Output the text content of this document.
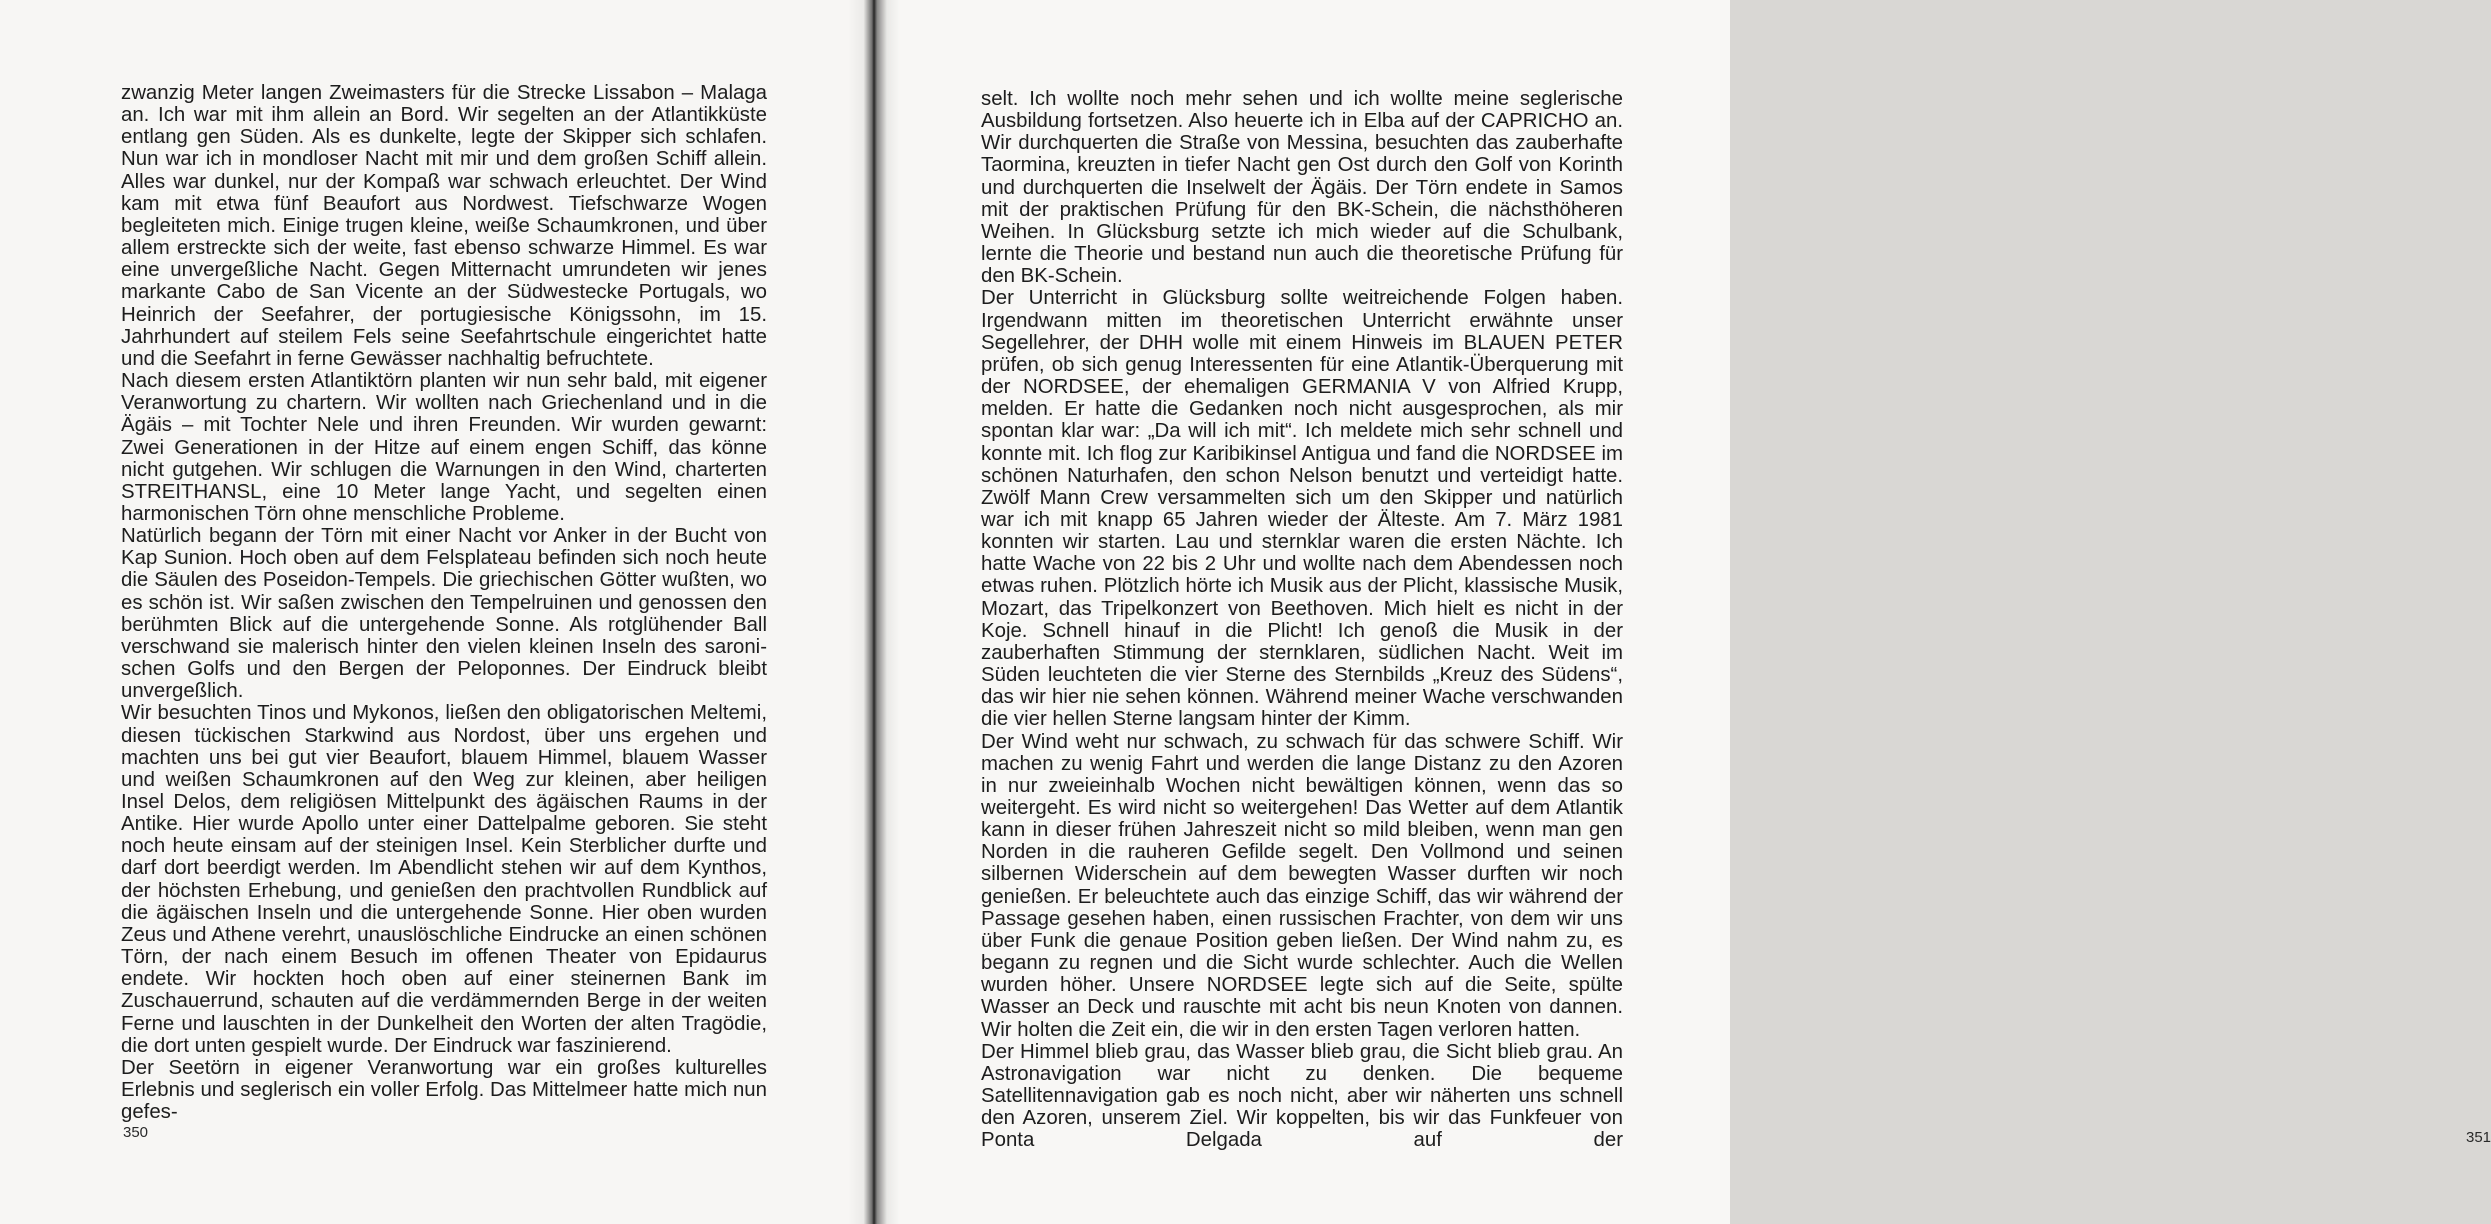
zwanzig Meter langen Zweimasters für die Strecke Lissabon – Malaga an. Ich war mit ihm allein an Bord. Wir segelten an der Atlantikküste entlang gen Süden. Als es dunkelte, legte der Skipper sich schlafen. Nun war ich in mondloser Nacht mit mir und dem großen Schiff allein. Alles war dunkel, nur der Kompaß war schwach erleuchtet. Der Wind kam mit etwa fünf Beaufort aus Nordwest. Tiefschwarze Wogen begleiteten mich. Einige trugen kleine, weiße Schaumkronen, und über allem erstreckte sich der weite, fast ebenso schwarze Himmel. Es war eine unvergeßliche Nacht. Gegen Mitternacht umrundeten wir jenes markante Cabo de San Vicente an der Südwestecke Portugals, wo Heinrich der Seefahrer, der portugiesische Königssohn, im 15. Jahrhundert auf steilem Fels seine Seefahrtschule eingerichtet hatte und die Seefahrt in ferne Gewässer nachhaltig befruchtete.

Nach diesem ersten Atlantiktörn planten wir nun sehr bald, mit eigener Veranwortung zu chartern. Wir wollten nach Griechenland und in die Ägäis – mit Tochter Nele und ihren Freunden. Wir wurden gewarnt: Zwei Generationen in der Hitze auf einem engen Schiff, das könne nicht gutgehen. Wir schlugen die Warnungen in den Wind, charterten STREITHANSL, eine 10 Meter lange Yacht, und segelten einen harmonischen Törn ohne menschliche Probleme.

Natürlich begann der Törn mit einer Nacht vor Anker in der Bucht von Kap Sunion. Hoch oben auf dem Felsplateau befinden sich noch heute die Säulen des Poseidon-Tempels. Die griechischen Götter wußten, wo es schön ist. Wir saßen zwischen den Tempelruinen und genossen den berühmten Blick auf die untergehende Sonne. Als rotglühender Ball verschwand sie malerisch hinter den vielen kleinen Inseln des saronischen Golfs und den Bergen der Peloponnes. Der Eindruck bleibt unvergeßlich.

Wir besuchten Tinos und Mykonos, ließen den obligatorischen Meltemi, diesen tückischen Starkwind aus Nordost, über uns ergehen und machten uns bei gut vier Beaufort, blauem Himmel, blauem Wasser und weißen Schaumkronen auf den Weg zur kleinen, aber heiligen Insel Delos, dem religiösen Mittelpunkt des ägäischen Raums in der Antike. Hier wurde Apollo unter einer Dattelpalme geboren. Sie steht noch heute einsam auf der steinigen Insel. Kein Sterblicher durfte und darf dort beerdigt werden. Im Abendlicht stehen wir auf dem Kynthos, der höchsten Erhebung, und genießen den prachtvollen Rundblick auf die ägäischen Inseln und die untergehende Sonne. Hier oben wurden Zeus und Athene verehrt, unauslöschliche Eindrucke an einen schönen Törn, der nach einem Besuch im offenen Theater von Epidaurus endete. Wir hockten hoch oben auf einer steinernen Bank im Zuschauerrund, schauten auf die verdämmernden Berge in der weiten Ferne und lauschten in der Dunkelheit den Worten der alten Tragödie, die dort unten gespielt wurde. Der Eindruck war faszinierend.

Der Seetörn in eigener Veranwortung war ein großes kulturelles Erlebnis und seglerisch ein voller Erfolg. Das Mittelmeer hatte mich nun gefes-

350	351

selt. Ich wollte noch mehr sehen und ich wollte meine seglerische Ausbildung fortsetzen. Also heuerte ich in Elba auf der CAPRICHO an. Wir durchquerten die Straße von Messina, besuchten das zauberhafte Taormina, kreuzten in tiefer Nacht gen Ost durch den Golf von Korinth und durchquerten die Inselwelt der Ägäis. Der Törn endete in Samos mit der praktischen Prüfung für den BK-Schein, die nächsthöheren Weihen. In Glücksburg setzte ich mich wieder auf die Schulbank, lernte die Theorie und bestand nun auch die theoretische Prüfung für den BK-Schein.

Der Unterricht in Glücksburg sollte weitreichende Folgen haben. Irgendwann mitten im theoretischen Unterricht erwähnte unser Segellehrer, der DHH wolle mit einem Hinweis im BLAUEN PETER prüfen, ob sich genug Interessenten für eine Atlantik-Überquerung mit der NORDSEE, der ehemaligen GERMANIA V von Alfried Krupp, melden. Er hatte die Gedanken noch nicht ausgesprochen, als mir spontan klar war: „Da will ich mit“. Ich meldete mich sehr schnell und konnte mit. Ich flog zur Karibikinsel Antigua und fand die NORDSEE im schönen Naturhafen, den schon Nelson benutzt und verteidigt hatte. Zwölf Mann Crew versammelten sich um den Skipper und natürlich war ich mit knapp 65 Jahren wieder der Älteste. Am 7. März 1981 konnten wir starten. Lau und sternklar waren die ersten Nächte. Ich hatte Wache von 22 bis 2 Uhr und wollte nach dem Abendessen noch etwas ruhen. Plötzlich hörte ich Musik aus der Plicht, klassische Musik, Mozart, das Tripelkonzert von Beethoven. Mich hielt es nicht in der Koje. Schnell hinauf in die Plicht! Ich genoß die Musik in der zauberhaften Stimmung der sternklaren, südlichen Nacht. Weit im Süden leuchteten die vier Sterne des Sternbilds „Kreuz des Südens“, das wir hier nie sehen können. Während meiner Wache verschwanden die vier hellen Sterne langsam hinter der Kimm.

Der Wind weht nur schwach, zu schwach für das schwere Schiff. Wir machen zu wenig Fahrt und werden die lange Distanz zu den Azoren in nur zweieinhalb Wochen nicht bewältigen können, wenn das so weitergeht. Es wird nicht so weitergehen! Das Wetter auf dem Atlantik kann in dieser frühen Jahreszeit nicht so mild bleiben, wenn man gen Norden in die rauheren Gefilde segelt. Den Vollmond und seinen silbernen Widerschein auf dem bewegten Wasser durften wir noch genießen. Er beleuchtete auch das einzige Schiff, das wir während der Passage gesehen haben, einen russischen Frachter, von dem wir uns über Funk die genaue Position geben ließen. Der Wind nahm zu, es begann zu regnen und die Sicht wurde schlechter. Auch die Wellen wurden höher. Unsere NORDSEE legte sich auf die Seite, spülte Wasser an Deck und rauschte mit acht bis neun Knoten von dannen. Wir holten die Zeit ein, die wir in den ersten Tagen verloren hatten.

Der Himmel blieb grau, das Wasser blieb grau, die Sicht blieb grau. An Astronavigation war nicht zu denken. Die bequeme Satellitennavigation gab es noch nicht, aber wir näherten uns schnell den Azoren, unserem Ziel. Wir koppelten, bis wir das Funkfeuer von Ponta Delgada auf der
